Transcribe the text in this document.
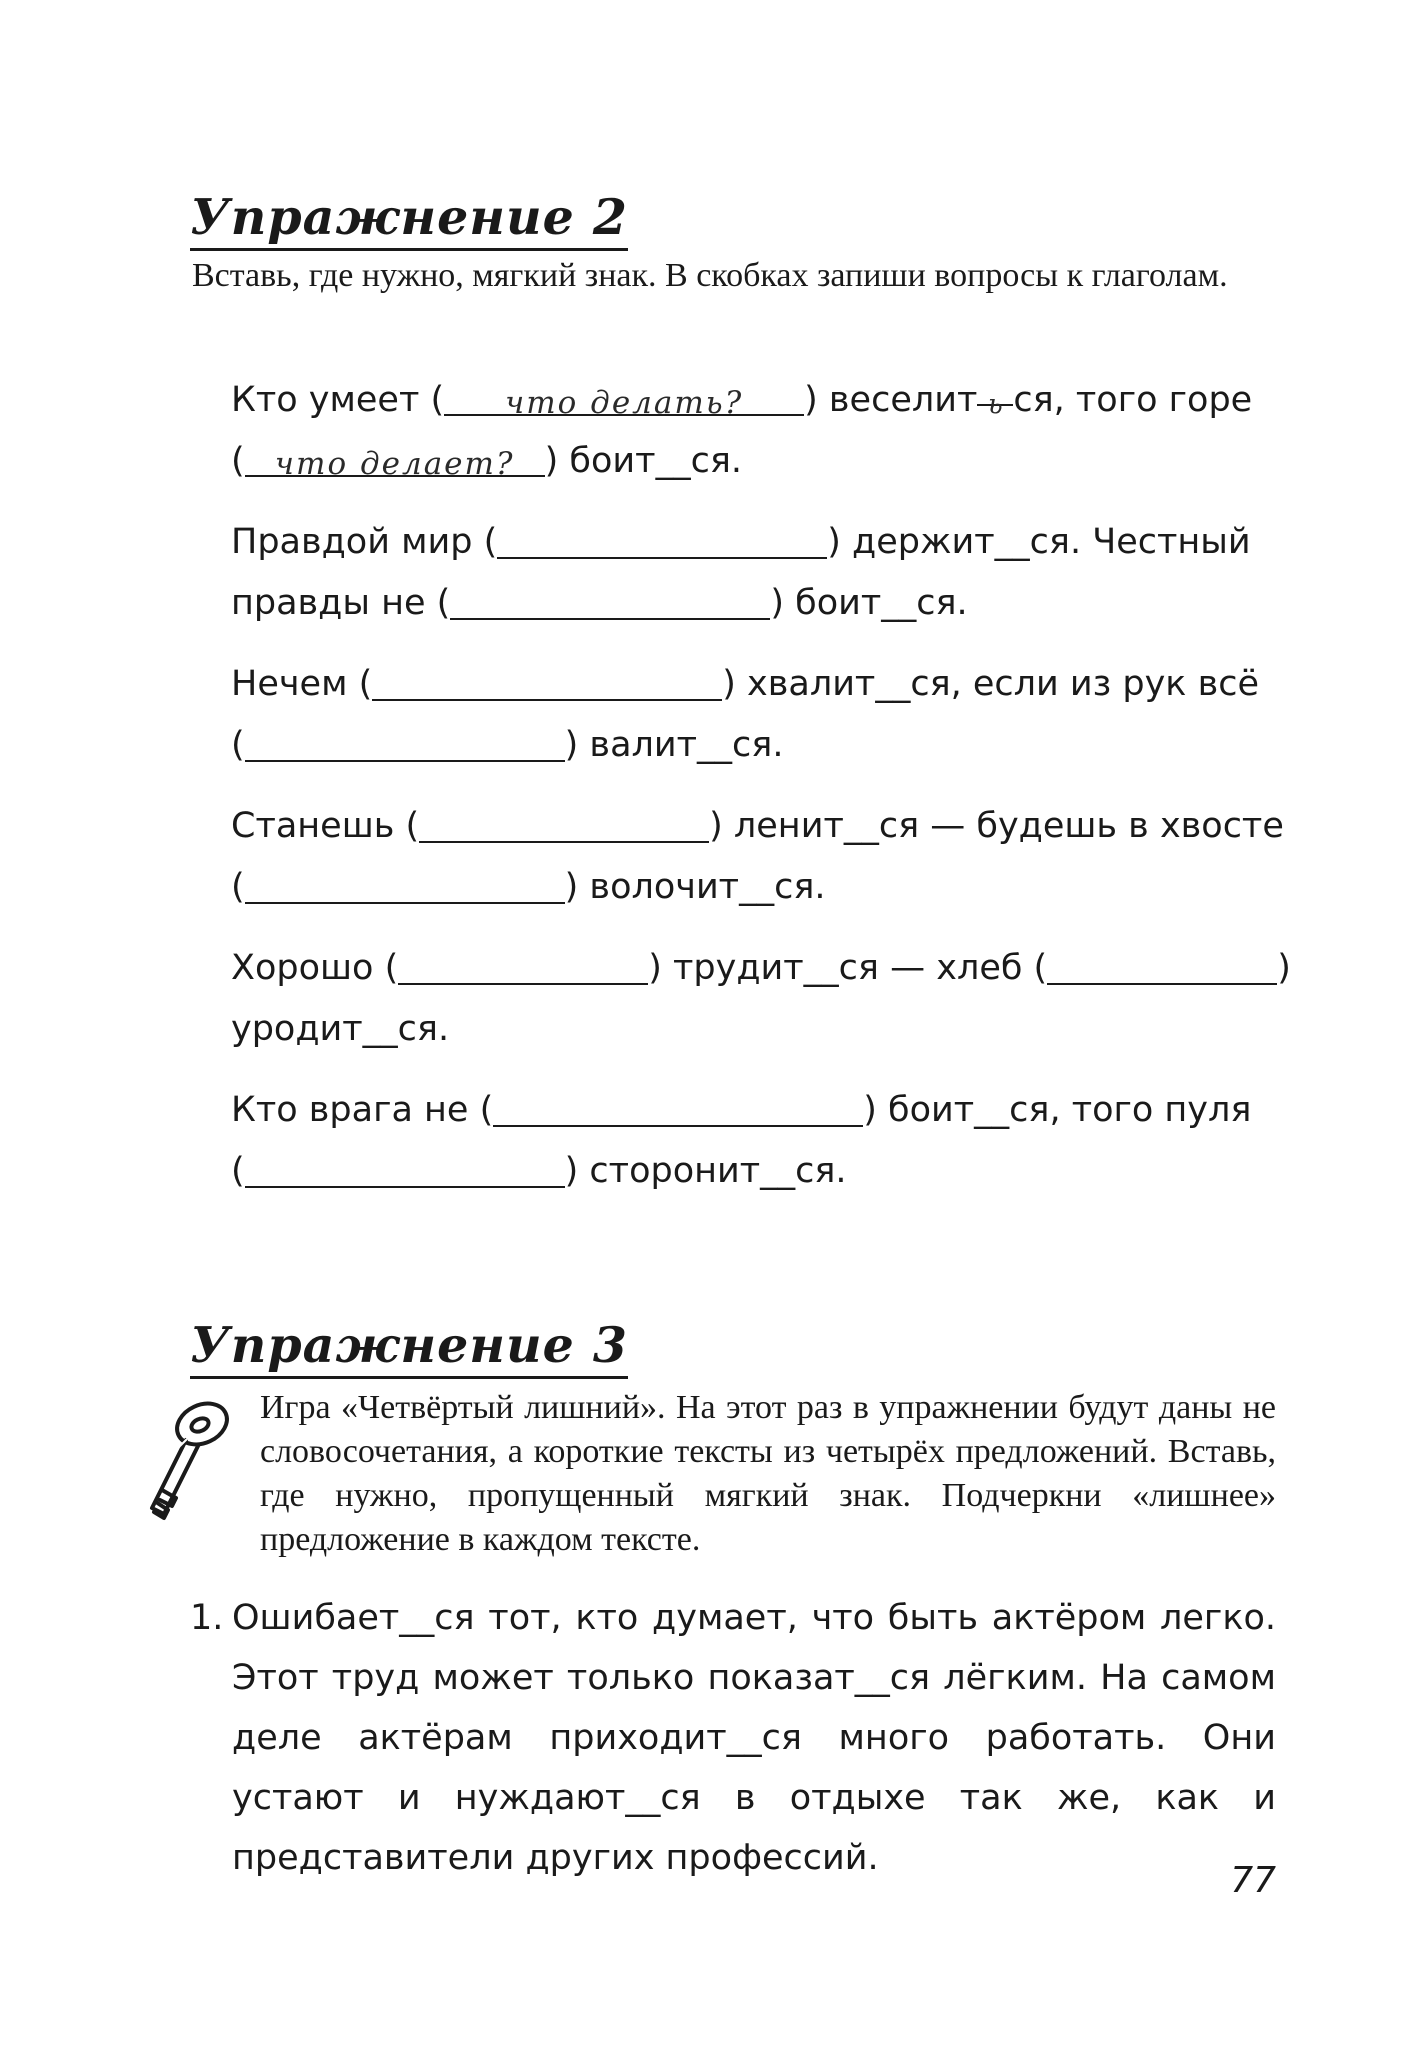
Упражнение 2
Вставь, где нужно, мягкий знак. В скобках запиши вопросы к глаголам.
Кто умеет ( что делать? ) веселит ь ся, того горе
( что делает? ) боит__ся.
Правдой мир (	) держит__ся. Честный
правды не (	) боит__ся.
Нечем (	) хвалит__ся, если из рук всё
(	) валит__ся.
Станешь (	) ленит__ся — будешь в хвосте
(	) волочит__ся.
Хорошо (	) трудит__ся — хлеб (	)
уродит__ся.
Кто врага не (	) боит__ся, того пуля
(	) сторонит__ся.
Упражнение 3
Игра «Четвёртый лишний». На этот раз в упражнении будут даны не словосочетания, а короткие тексты из четырёх предложений. Вставь, где нужно, пропущенный мягкий знак. Подчеркни «лишнее» предложение в каждом тексте.
1. Ошибает__ся тот, кто думает, что быть актёром легко. Этот труд может только показат__ся лёгким. На самом деле актёрам приходит__ся много работать. Они устают и нуждают__ся в отдыхе так же, как и представители других профессий.
77
